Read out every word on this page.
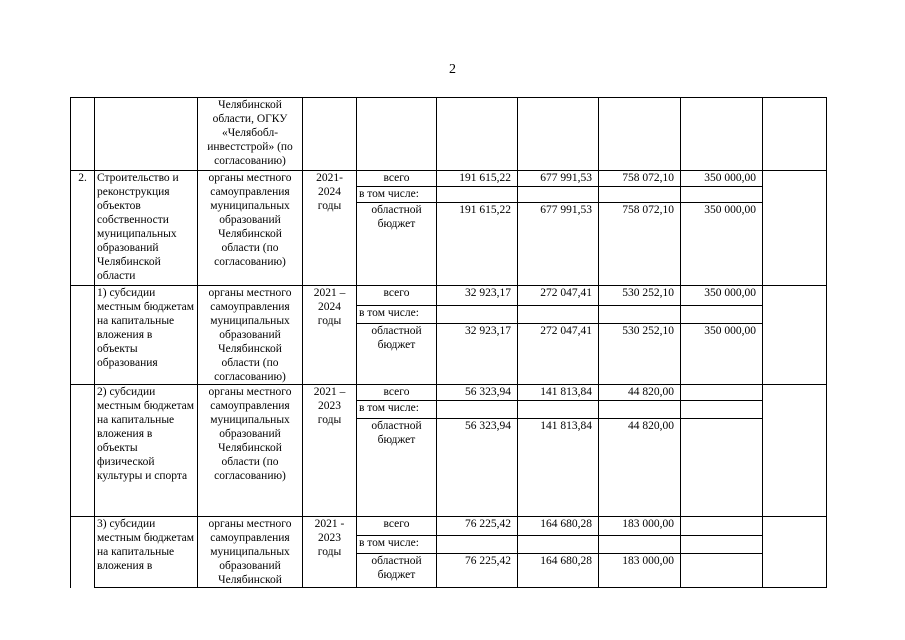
2
		Челябинской области, ОГКУ «Челябобл-инвестстрой» (по согласованию)							
2.	Строительство и реконструкция объектов собственности муниципальных образований Челябинской области	органы местного самоуправления муниципальных образований Челябинской области (по согласованию)	2021-2024 годы	всего	191 615,22	677 991,53	758 072,10	350 000,00	
				в том числе:					
				областной бюджет	191 615,22	677 991,53	758 072,10	350 000,00	
	1) субсидии местным бюджетам на капитальные вложения в объекты образования	органы местного самоуправления муниципальных образований Челябинской области (по согласованию)	2021 – 2024 годы	всего	32 923,17	272 047,41	530 252,10	350 000,00	
				в том числе:					
				областной бюджет	32 923,17	272 047,41	530 252,10	350 000,00	
	2) субсидии местным бюджетам на капитальные вложения в объекты физической культуры и спорта	органы местного самоуправления муниципальных образований Челябинской области (по согласованию)	2021 – 2023 годы	всего	56 323,94	141 813,84	44 820,00		
				в том числе:					
				областной бюджет	56 323,94	141 813,84	44 820,00		
	3) субсидии местным бюджетам на капитальные вложения в	органы местного самоуправления муниципальных образований Челябинской	2021 - 2023 годы	всего	76 225,42	164 680,28	183 000,00		
				в том числе:					
				областной бюджет	76 225,42	164 680,28	183 000,00		
